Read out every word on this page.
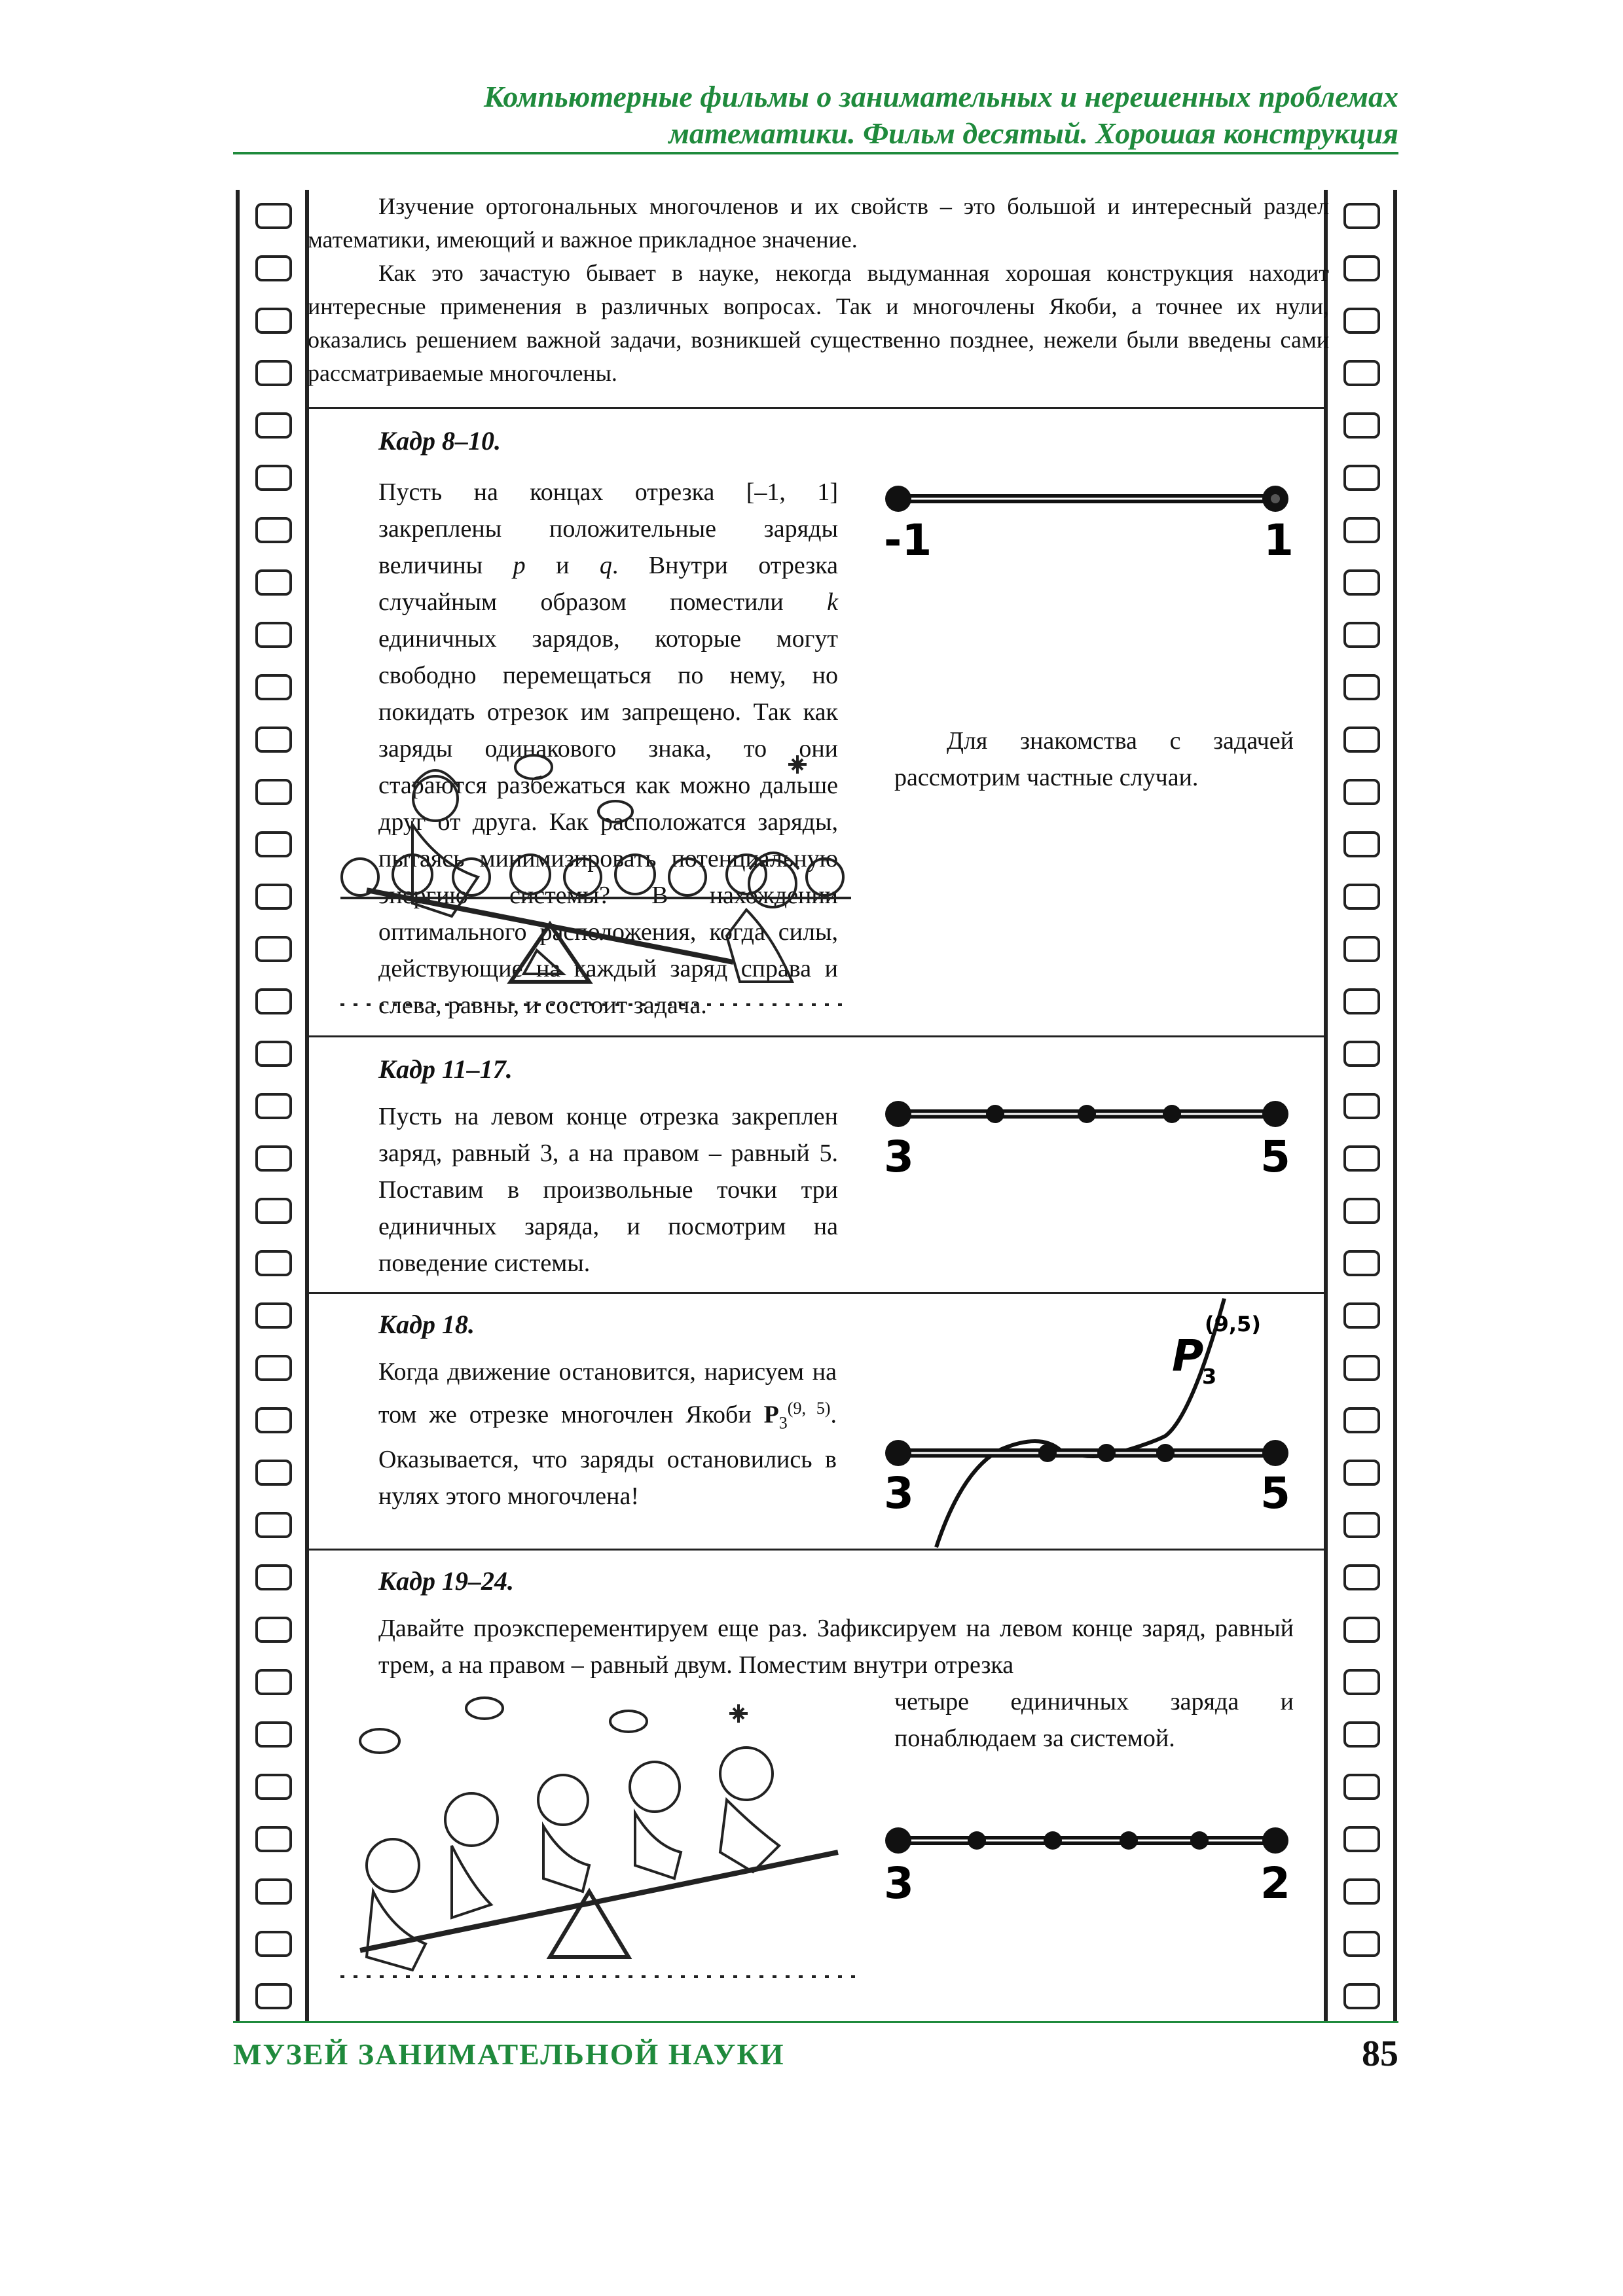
Компьютерные фильмы о занимательных и нерешенных проблемах
математики. Фильм десятый. Хорошая конструкция

Изучение ортогональных многочленов и их свойств – это большой и интересный раздел математики, имеющий и важное прикладное значение.

Как это зачастую бывает в науке, некогда выдуманная хорошая конструкция находит интересные применения в различных вопросах. Так и многочлены Якоби, а точнее их нули, оказались решением важной задачи, возникшей существенно позднее, нежели были введены сами рассматриваемые многочлены.

Кадр 8–10.
-1	1
Пусть на концах отрезка [–1, 1] закреплены положительные заряды величины p и q. Внутри отрезка случайным образом поместили k единичных зарядов, которые могут свободно перемещаться по нему, но покидать отрезок им запрещено. Так как заряды одинакового знака, то они стараются разбежаться как можно дальше друг от друга. Как расположатся заряды, пытаясь минимизировать потенциальную энергию системы? В нахождении оптимального расположения, когда силы, действующие на каждый заряд справа и слева, равны, и состоит задача.

Для знакомства с задачей рассмотрим частные случаи.

Кадр 11–17.
Пусть на левом конце отрезка закреплен заряд, равный 3, а на правом – равный 5. Поставим в произвольные точки три единичных заряда, и посмотрим на поведение системы.
3	5
Кадр 18.
Когда движение остановится, нарисуем на том же отрезке многочлен Якоби $P_3^{(9, 5)}$. Оказывается, что заряды остановились в нулях этого многочлена!
P
3
(9,5)
3	5
Кадр 19–24.
Давайте проэксперементируем еще раз. Зафиксируем на левом конце заряд, равный трем, а на правом – равный двум. Поместим внутри отрезка
четыре единичных заряда и понаблюдаем за системой.
3	2
МУЗЕЙ ЗАНИМАТЕЛЬНОЙ НАУКИ	85
